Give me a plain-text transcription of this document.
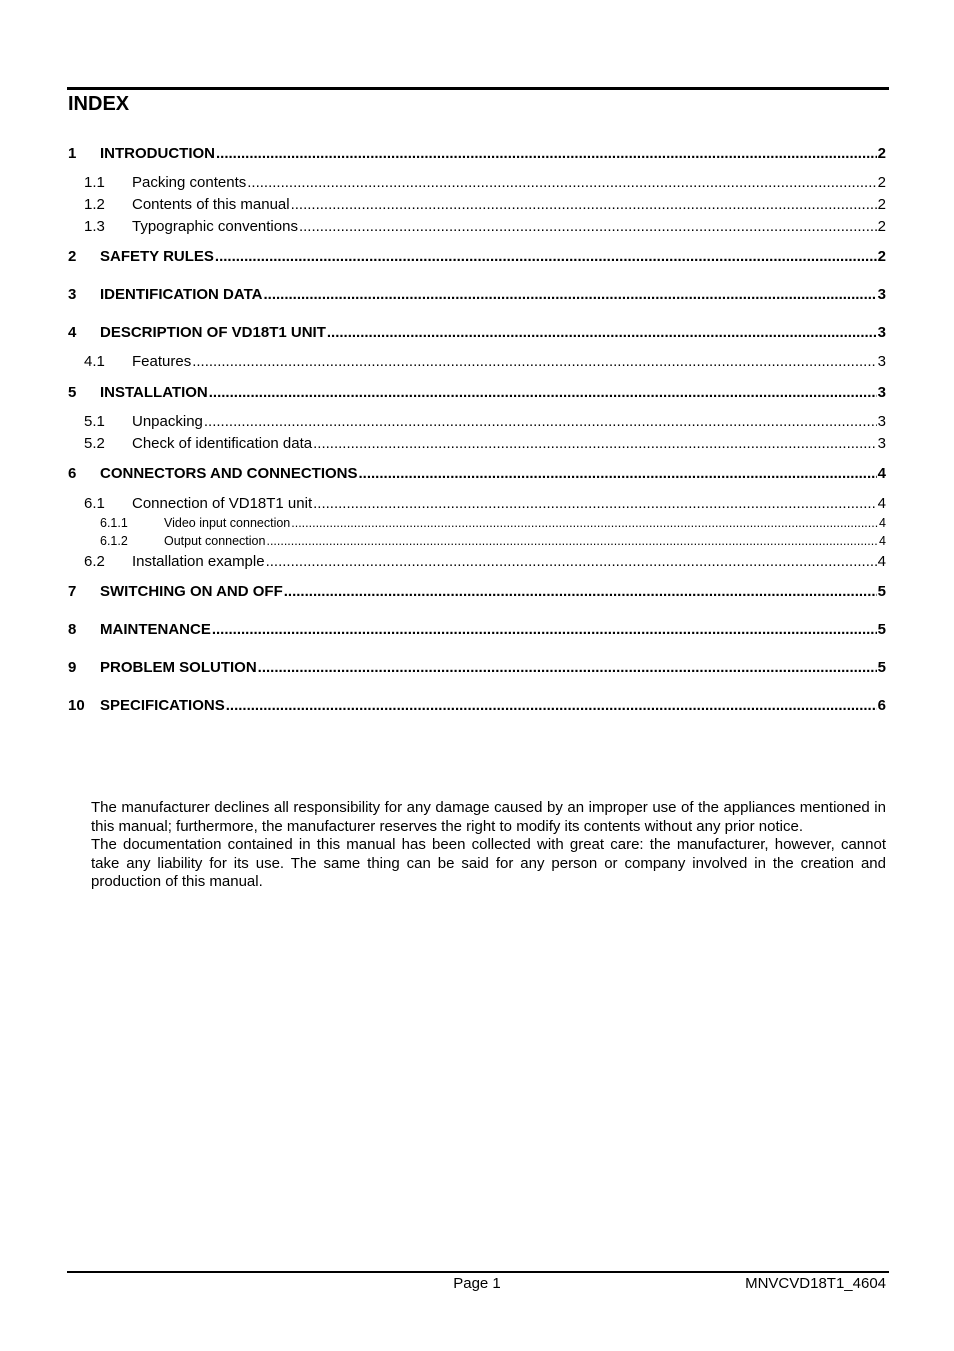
INDEX
1	INTRODUCTION .....	2
1.1	Packing contents .....	2
1.2	Contents of this manual .....	2
1.3	Typographic conventions .....	2
2	SAFETY RULES .....	2
3	IDENTIFICATION DATA .....	3
4	DESCRIPTION OF VD18T1 UNIT .....	3
4.1	Features .....	3
5	INSTALLATION .....	3
5.1	Unpacking .....	3
5.2	Check of identification data .....	3
6	CONNECTORS AND CONNECTIONS .....	4
6.1	Connection of VD18T1 unit .....	4
6.1.1	Video input connection .....	4
6.1.2	Output connection .....	4
6.2	Installation example .....	4
7	SWITCHING ON AND OFF .....	5
8	MAINTENANCE .....	5
9	PROBLEM SOLUTION .....	5
10	SPECIFICATIONS .....	6

The manufacturer declines all responsibility for any damage caused by an improper use of the appliances mentioned in this manual; furthermore, the manufacturer reserves the right to modify its contents without any prior notice.

The documentation contained in this manual has been collected with great care: the manufacturer, however, cannot take any liability for its use. The same thing can be said for any person or company involved in the creation and production of this manual.

Page 1	MNVCVD18T1_4604
